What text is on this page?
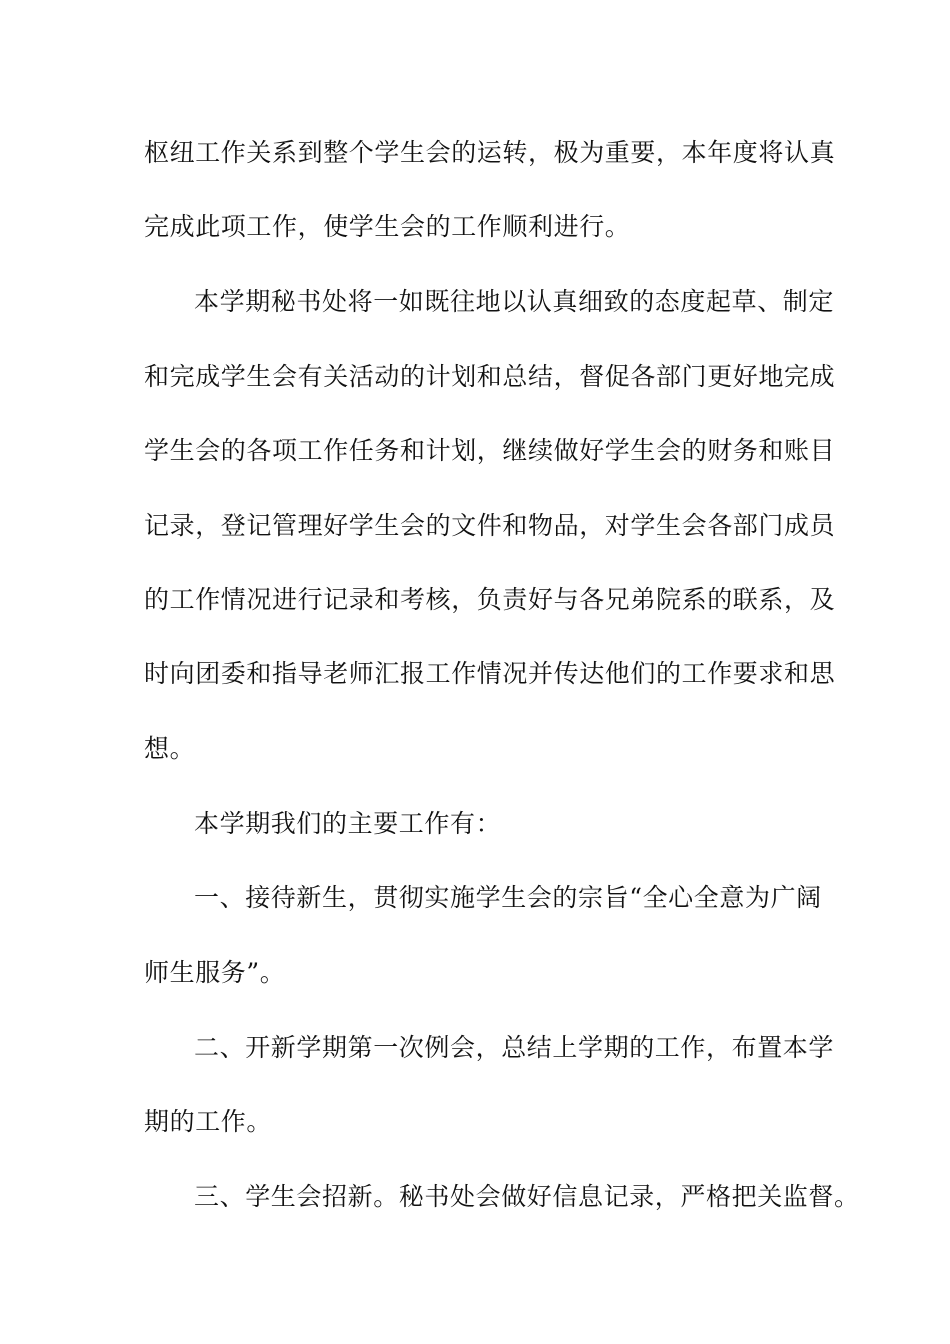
枢纽工作关系到整个学生会的运转，极为重要，本年度将认真
完成此项工作，使学生会的工作顺利进行。
本学期秘书处将一如既往地以认真细致的态度起草、制定
和完成学生会有关活动的计划和总结，督促各部门更好地完成
学生会的各项工作任务和计划，继续做好学生会的财务和账目
记录，登记管理好学生会的文件和物品，对学生会各部门成员
的工作情况进行记录和考核，负责好与各兄弟院系的联系，及
时向团委和指导老师汇报工作情况并传达他们的工作要求和思
想。
本学期我们的主要工作有：
一、接待新生，贯彻实施学生会的宗旨“全心全意为广阔
师生服务”。
二、开新学期第一次例会，总结上学期的工作，布置本学
期的工作。
三、学生会招新。秘书处会做好信息记录，严格把关监督。
